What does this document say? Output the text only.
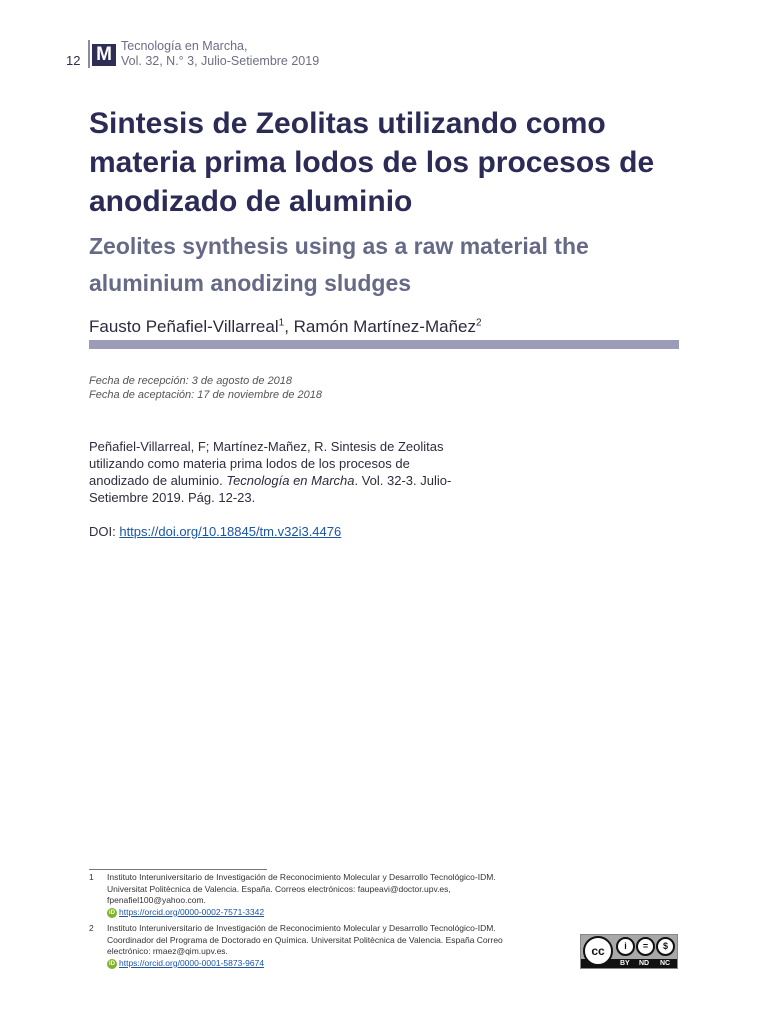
12 M Tecnología en Marcha,
Vol. 32, N.° 3, Julio-Setiembre 2019
Sintesis de Zeolitas utilizando como materia prima lodos de los procesos de anodizado de aluminio
Zeolites synthesis using as a raw material the aluminium anodizing sludges
Fausto Peñafiel-Villarreal$^1$, Ramón Martínez-Mañez$^2$
Fecha de recepción: 3 de agosto de 2018
Fecha de aceptación: 17 de noviembre de 2018
Peñafiel-Villarreal, F; Martínez-Mañez, R. Sintesis de Zeolitas utilizando como materia prima lodos de los procesos de anodizado de aluminio. Tecnología en Marcha. Vol. 32-3. Julio-Setiembre 2019. Pág. 12-23.
DOI: https://doi.org/10.18845/tm.v32i3.4476
1 Instituto Interuniversitario de Investigación de Reconocimiento Molecular y Desarrollo Tecnológico-IDM. Universitat Politècnica de Valencia. España. Correos electrónicos: faupeavi@doctor.upv.es, fpenafiel100@yahoo.com.
iD https://orcid.org/0000-0002-7571-3342
2 Instituto Interuniversitario de Investigación de Reconocimiento Molecular y Desarrollo Tecnológico-IDM. Coordinador del Programa de Doctorado en Química. Universitat Politècnica de Valencia. España Correo electrónico: rmaez@qim.upv.es.
iD https://orcid.org/0000-0001-5873-9674
cc	i	=	$
BY ND NC
